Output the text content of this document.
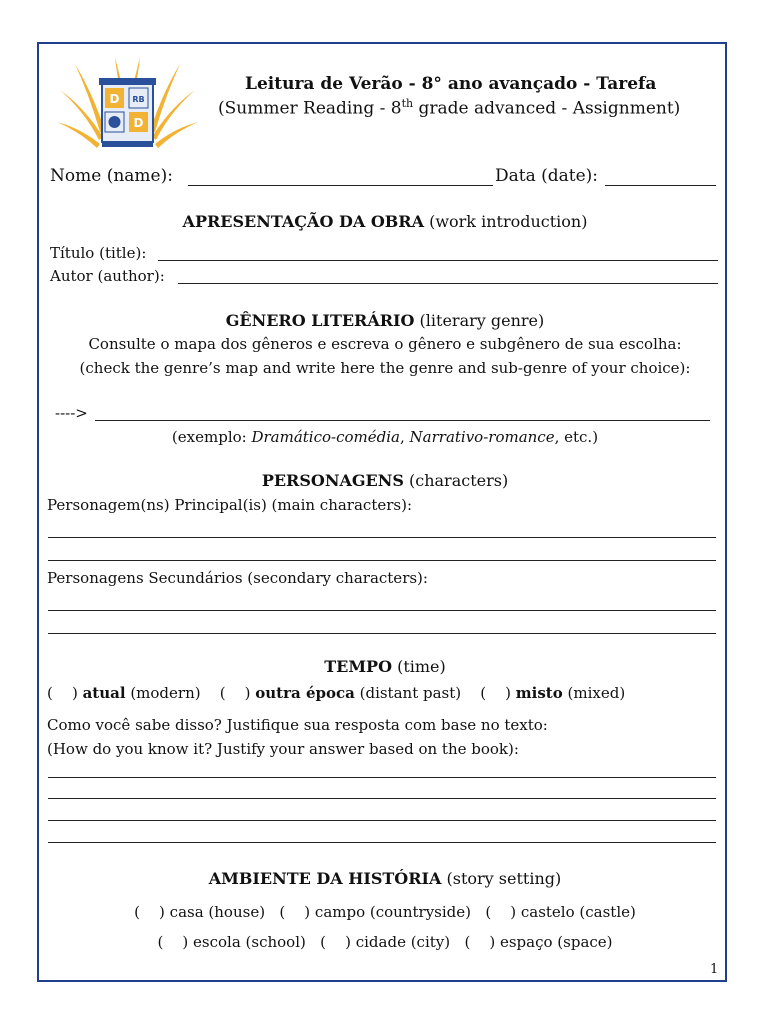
D RB
D
Leitura de Verão - 8° ano avançado - Tarefa
(Summer Reading - 8th grade advanced - Assignment)
Nome (name):	Data (date):
APRESENTAÇÃO DA OBRA (work introduction)
Título (title):
Autor (author):
GÊNERO LITERÁRIO (literary genre)
Consulte o mapa dos gêneros e escreva o gênero e subgênero de sua escolha:
(check the genre’s map and write here the genre and sub-genre of your choice):
---->
(exemplo: Dramático-comédia, Narrativo-romance, etc.)
PERSONAGENS (characters)
Personagem(ns) Principal(is) (main characters):
Personagens Secundários (secondary characters):
TEMPO (time)
( ) atual (modern) ( ) outra época (distant past) ( ) misto (mixed)
Como você sabe disso? Justifique sua resposta com base no texto:
(How do you know it? Justify your answer based on the book):
AMBIENTE DA HISTÓRIA (story setting)
(    ) casa (house) (    ) campo (countryside) (    ) castelo (castle)
(    ) escola (school) (    ) cidade (city) (    ) espaço (space)
1
